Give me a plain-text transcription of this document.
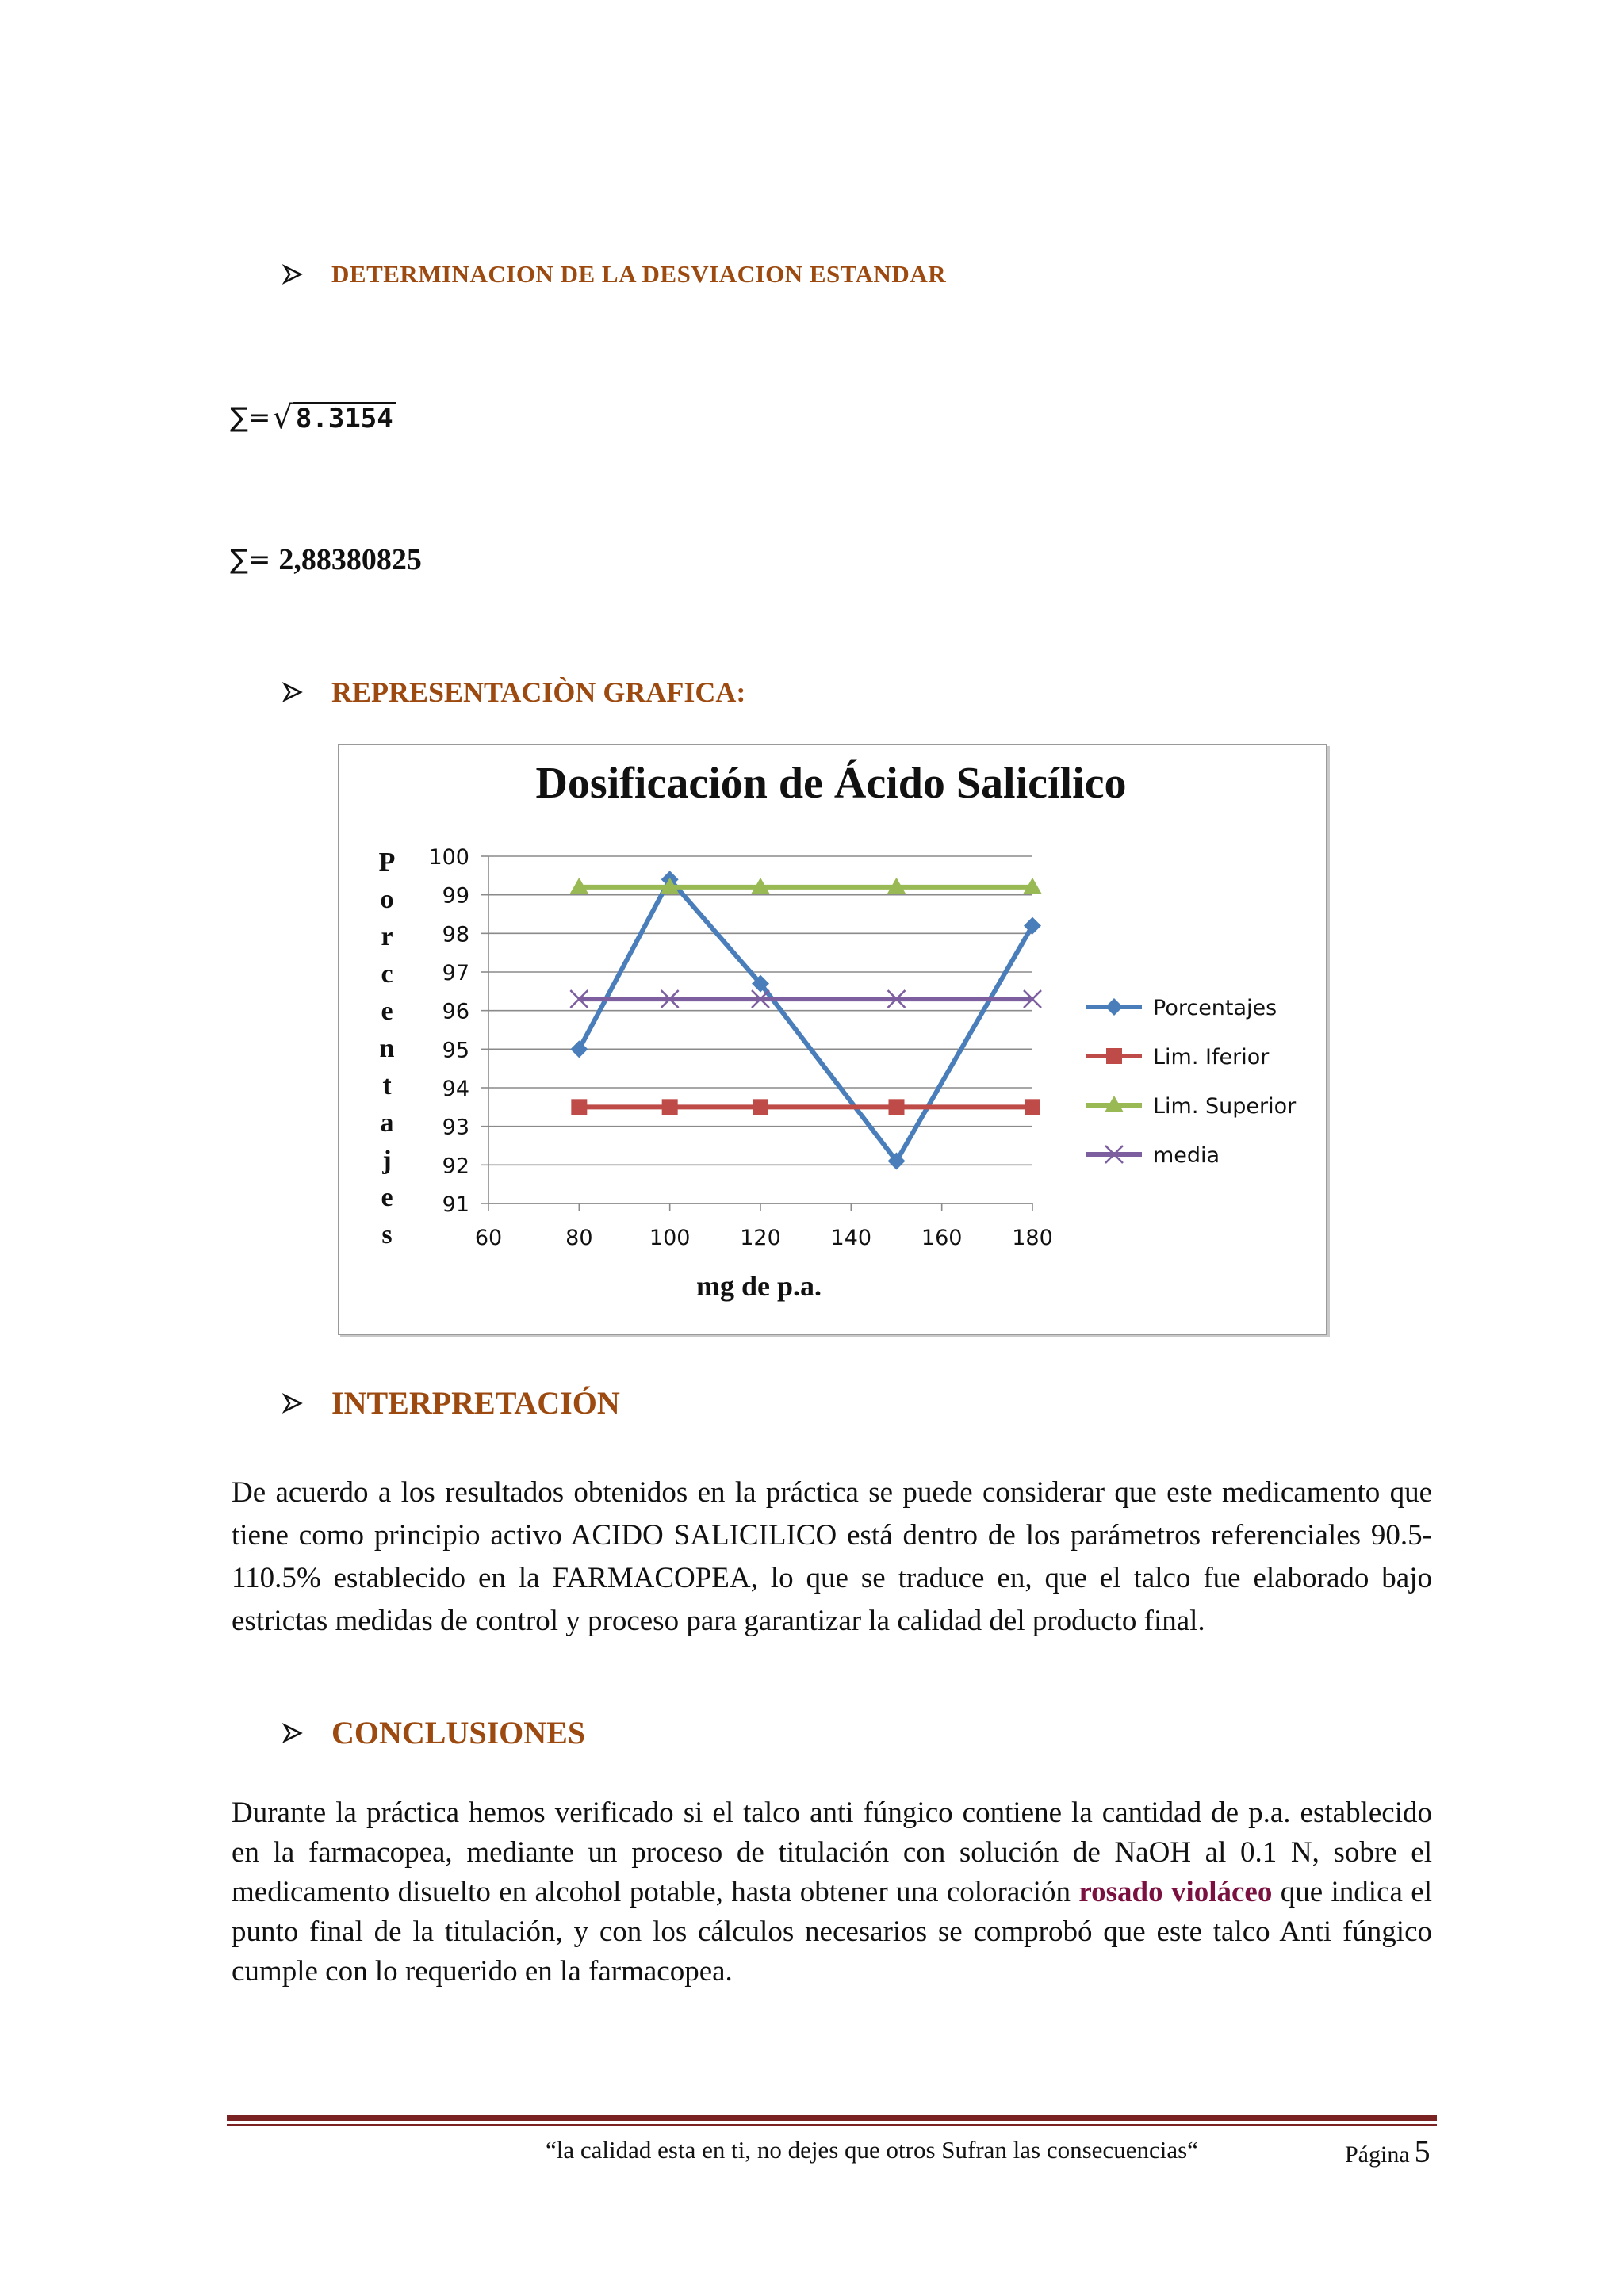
DETERMINACION DE LA DESVIACION ESTANDAR
∑= √ 8.3154
∑= 2,88380825
REPRESENTACIÒN GRAFICA:
Dosificación de Ácido Salicílico
91
92
93
94
95
96
97
98
99
100
60	80	100 120 140 160 180
mg de p.a.
P
o
r
c
e
n
t
a
j
e
s
Porcentajes
Lim. Iferior
Lim. Superior
media
INTERPRETACIÓN
De acuerdo a los resultados obtenidos en la práctica se puede considerar que este medicamento que tiene como principio activo ACIDO SALICILICO está dentro de los parámetros referenciales 90.5-110.5% establecido en la FARMACOPEA, lo que se traduce en, que el talco fue elaborado bajo estrictas medidas de control y proceso para garantizar la calidad del producto final.
CONCLUSIONES
Durante la práctica hemos verificado si el talco anti fúngico contiene la cantidad de p.a. establecido en la farmacopea, mediante un proceso de titulación con solución de NaOH al 0.1 N, sobre el medicamento disuelto en alcohol potable, hasta obtener una coloración rosado violáceo que indica el punto final de la titulación, y con los cálculos necesarios se comprobó que este talco Anti fúngico cumple con lo requerido en la farmacopea.
“la calidad esta en ti, no dejes que otros Sufran las consecuencias“	Página 5
